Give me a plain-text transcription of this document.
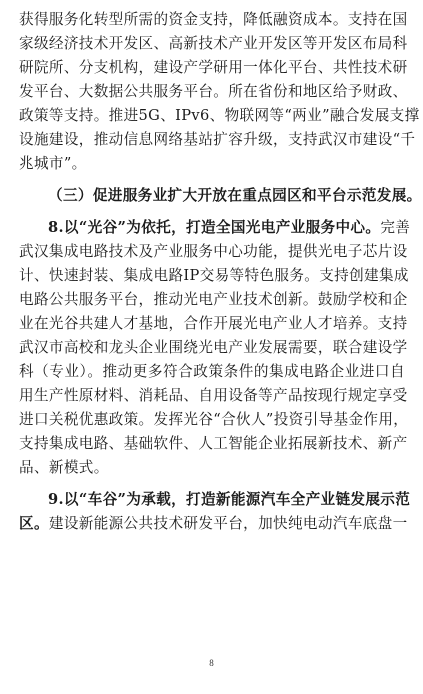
获得服务化转型所需的资金支持，降低融资成本。支持在国
家级经济技术开发区、高新技术产业开发区等开发区布局科
研院所、分支机构，建设产学研用一体化平台、共性技术研
发平台、大数据公共服务平台。所在省份和地区给予财政、
政策等支持。推进5G、IPv6、物联网等“两业”融合发展支撑
设施建设，推动信息网络基站扩容升级，支持武汉市建设“千
兆城市”。
（三）促进服务业扩大开放在重点园区和平台示范发展。
8.以“光谷”为依托，打造全国光电产业服务中心。完善
武汉集成电路技术及产业服务中心功能，提供光电子芯片设
计、快速封装、集成电路IP交易等特色服务。支持创建集成
电路公共服务平台，推动光电产业技术创新。鼓励学校和企
业在光谷共建人才基地，合作开展光电产业人才培养。支持
武汉市高校和龙头企业围绕光电产业发展需要，联合建设学
科（专业）。推动更多符合政策条件的集成电路企业进口自
用生产性原材料、消耗品、自用设备等产品按现行规定享受
进口关税优惠政策。发挥光谷“合伙人”投资引导基金作用，
支持集成电路、基础软件、人工智能企业拓展新技术、新产
品、新模式。
9.以“车谷”为承载，打造新能源汽车全产业链发展示范
区。建设新能源公共技术研发平台，加快纯电动汽车底盘一
8
